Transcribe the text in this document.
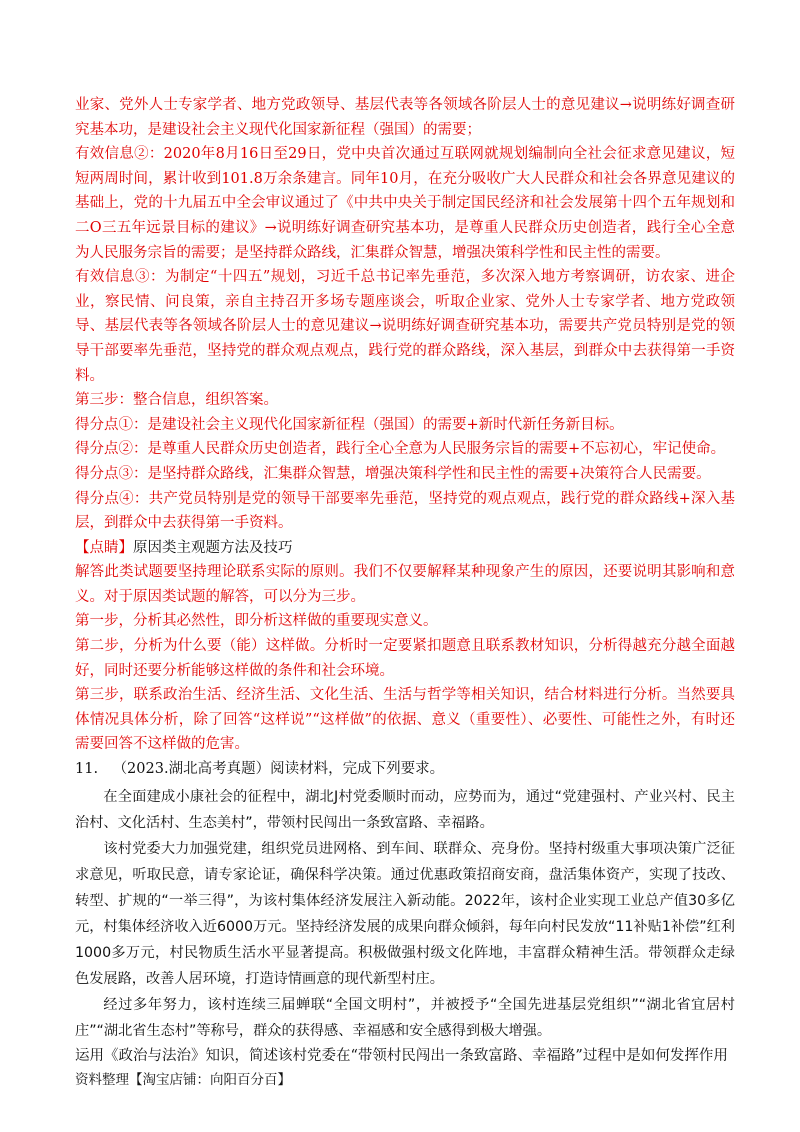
业家、党外人士专家学者、地方党政领导、基层代表等各领域各阶层人士的意见建议→说明练好调查研究基本功，是建设社会主义现代化国家新征程（强国）的需要；

有效信息②：2020年8月16日至29日，党中央首次通过互联网就规划编制向全社会征求意见建议，短短两周时间，累计收到101.8万余条建言。同年10月，在充分吸收广大人民群众和社会各界意见建议的基础上，党的十九届五中全会审议通过了《中共中央关于制定国民经济和社会发展第十四个五年规划和二O三五年远景目标的建议》→说明练好调查研究基本功，是尊重人民群众历史创造者，践行全心全意为人民服务宗旨的需要；是坚持群众路线，汇集群众智慧，增强决策科学性和民主性的需要。

有效信息③：为制定“十四五”规划，习近千总书记率先垂范，多次深入地方考察调研，访农家、进企业，察民情、问良策，亲自主持召开多场专题座谈会，听取企业家、党外人士专家学者、地方党政领导、基层代表等各领域各阶层人士的意见建议→说明练好调查研究基本功，需要共产党员特别是党的领导干部要率先垂范，坚持党的群众观点观点，践行党的群众路线，深入基层，到群众中去获得第一手资料。

第三步：整合信息，组织答案。

得分点①：是建设社会主义现代化国家新征程（强国）的需要+新时代新任务新目标。

得分点②：是尊重人民群众历史创造者，践行全心全意为人民服务宗旨的需要+不忘初心，牢记使命。

得分点③：是坚持群众路线，汇集群众智慧，增强决策科学性和民主性的需要+决策符合人民需要。

得分点④：共产党员特别是党的领导干部要率先垂范，坚持党的观点观点，践行党的群众路线+深入基层，到群众中去获得第一手资料。

【点睛】原因类主观题方法及技巧

解答此类试题要坚持理论联系实际的原则。我们不仅要解释某种现象产生的原因，还要说明其影响和意义。对于原因类试题的解答，可以分为三步。

第一步，分析其必然性，即分析这样做的重要现实意义。

第二步，分析为什么要（能）这样做。分析时一定要紧扣题意且联系教材知识，分析得越充分越全面越好，同时还要分析能够这样做的条件和社会环境。

第三步，联系政治生活、经济生活、文化生活、生活与哲学等相关知识，结合材料进行分析。当然要具体情况具体分析，除了回答“这样说”“这样做”的依据、意义（重要性）、必要性、可能性之外，有时还需要回答不这样做的危害。

11.  （2023.湖北高考真题）阅读材料，完成下列要求。

在全面建成小康社会的征程中，湖北J村党委顺时而动，应势而为，通过“党建强村、产业兴村、民主治村、文化活村、生态美村”，带领村民闯出一条致富路、幸福路。

该村党委大力加强党建，组织党员进网格、到车间、联群众、亮身份。坚持村级重大事项决策广泛征求意见，听取民意，请专家论证，确保科学决策。通过优惠政策招商安商，盘活集体资产，实现了技改、转型、扩规的“一举三得”，为该村集体经济发展注入新动能。2022年，该村企业实现工业总产值30多亿元，村集体经济收入近6000万元。坚持经济发展的成果向群众倾斜，每年向村民发放“11补贴1补偿”红利1000多万元，村民物质生活水平显著提高。积极做强村级文化阵地，丰富群众精神生活。带领群众走绿色发展路，改善人居环境，打造诗情画意的现代新型村庄。

经过多年努力，该村连续三届蝉联“全国文明村”，并被授予“全国先进基层党组织”“湖北省宜居村庄”“湖北省生态村”等称号，群众的获得感、幸福感和安全感得到极大增强。

运用《政治与法治》知识，简述该村党委在“带领村民闯出一条致富路、幸福路”过程中是如何发挥作用

资料整理【淘宝店铺：向阳百分百】
